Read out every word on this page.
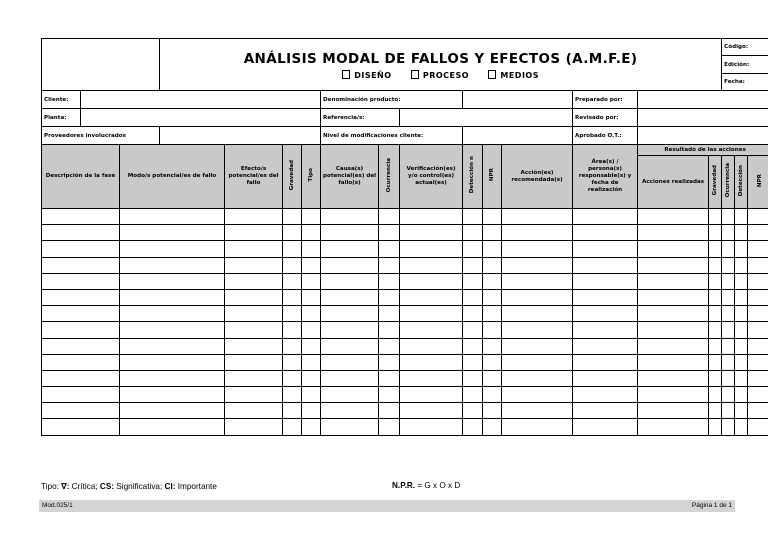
			ANÁLISIS MODAL DE FALLOS Y EFECTOS (A.M.F.E)
DISEÑO PROCESO MEDIOS													Código:		
																Edición:		
																Fecha:		
Cliente:							Denominación producto:						Preparado por:					
Planta:							Referencia/s:						Revisado por:					
Proveedores involucrados							Nivel de modificaciones cliente:						Aprobado O.T.:					
Descripción de la fase		Modo/s potencial/es de fallo		Efecto/s potencial/es del fallo	Gravedad	Tipo	Causa(s) potencial(es) del fallo(s)	Ocurrencia	Verificación(es) y/o control(es) actual(es)	Detección n	NPR	Acción(es) recomendada(s)	Área(s) / persona(s) responsable(s) y fecha de realización	Resultado de las acciones				
														Acciones realizadas	Gravedad	Ocurrencia	Detección	NPR

Tipo: ∇: Crítica; CS: Significativa; CI: Importante	N.P.R. = G x O x D
Mod.025/1	Página 1 de 1
